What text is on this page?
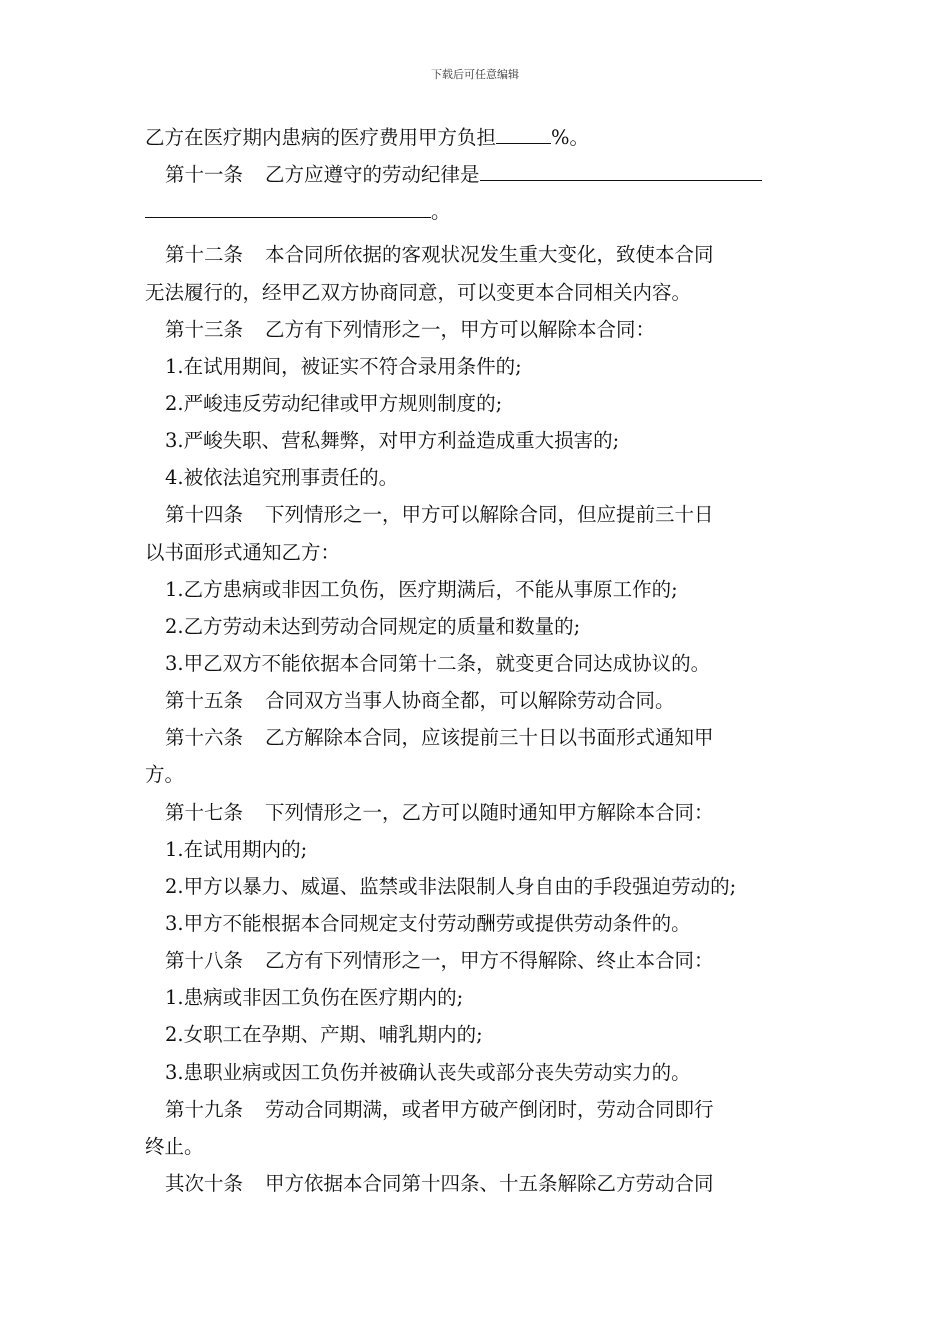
下载后可任意编辑
乙方在医疗期内患病的医疗费用甲方负担	%。
第十一条 乙方应遵守的劳动纪律是
。
第十二条 本合同所依据的客观状况发生重大变化，致使本合同
无法履行的，经甲乙双方协商同意，可以变更本合同相关内容。
第十三条 乙方有下列情形之一，甲方可以解除本合同：
1.在试用期间，被证实不符合录用条件的;
2.严峻违反劳动纪律或甲方规则制度的;
3.严峻失职、营私舞弊，对甲方利益造成重大损害的;
4.被依法追究刑事责任的。
第十四条 下列情形之一，甲方可以解除合同，但应提前三十日
以书面形式通知乙方：
1.乙方患病或非因工负伤，医疗期满后，不能从事原工作的;
2.乙方劳动未达到劳动合同规定的质量和数量的;
3.甲乙双方不能依据本合同第十二条，就变更合同达成协议的。
第十五条 合同双方当事人协商全都，可以解除劳动合同。
第十六条 乙方解除本合同，应该提前三十日以书面形式通知甲
方。
第十七条 下列情形之一，乙方可以随时通知甲方解除本合同：
1.在试用期内的;
2.甲方以暴力、威逼、监禁或非法限制人身自由的手段强迫劳动的;
3.甲方不能根据本合同规定支付劳动酬劳或提供劳动条件的。
第十八条 乙方有下列情形之一，甲方不得解除、终止本合同：
1.患病或非因工负伤在医疗期内的;
2.女职工在孕期、产期、哺乳期内的;
3.患职业病或因工负伤并被确认丧失或部分丧失劳动实力的。
第十九条 劳动合同期满，或者甲方破产倒闭时，劳动合同即行
终止。
其次十条 甲方依据本合同第十四条、十五条解除乙方劳动合同
